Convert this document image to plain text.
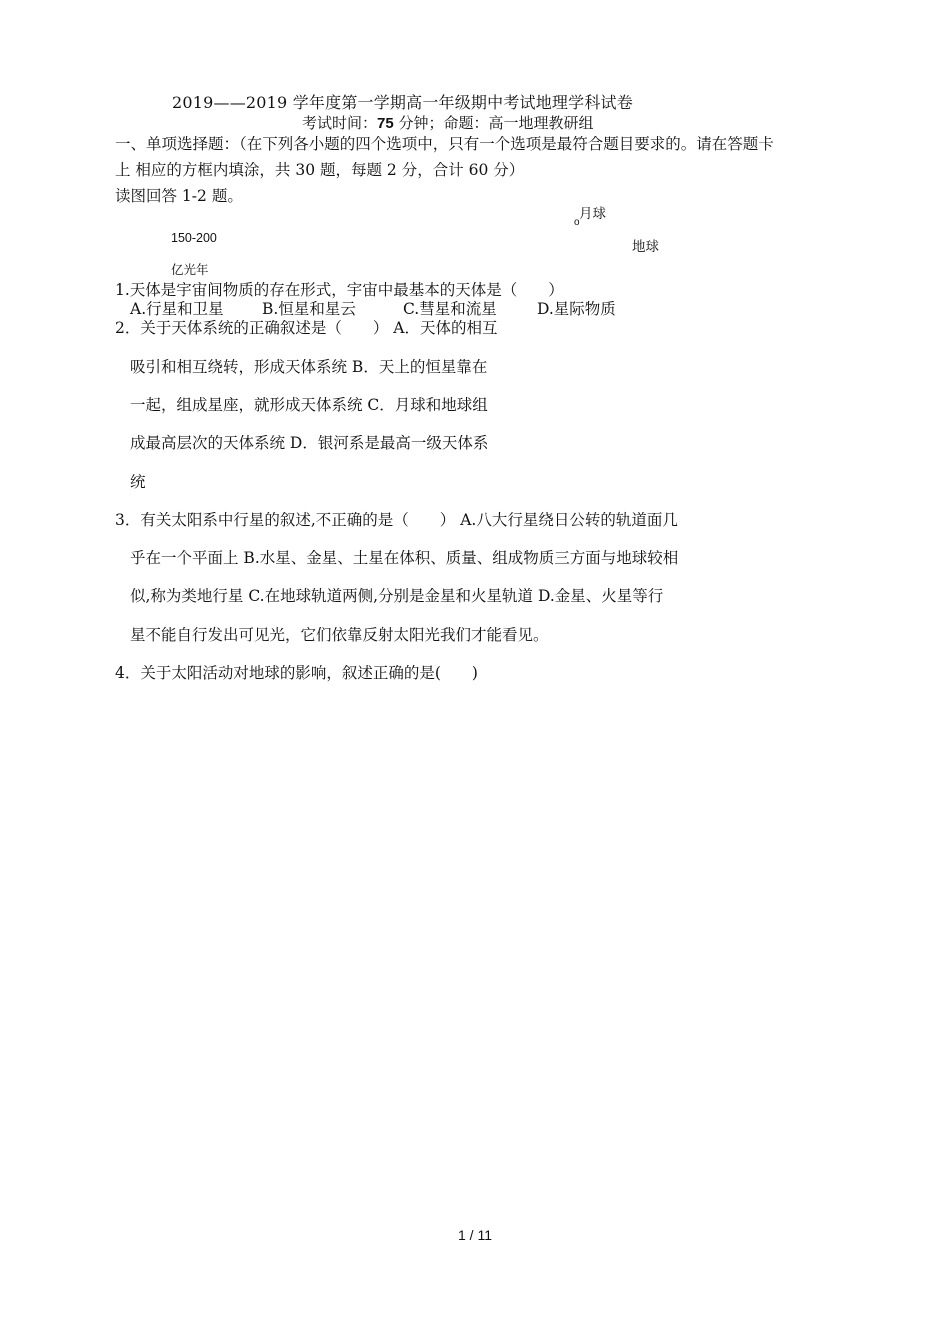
2019——2019 学年度第一学期高一年级期中考试地理学科试卷
考试时间：75 分钟；命题：高一地理教研组
一、单项选择题：（在下列各小题的四个选项中，只有一个选项是最符合题目要求的。请在答题卡
上 相应的方框内填涂，共 30 题，每题 2 分，合计 60 分）
读图回答 1-2 题。
月球
o
150-200
地球
亿光年
1.天体是宇宙间物质的存在形式，宇宙中最基本的天体是（　　）
A.行星和卫星 B.恒星和星云	C.彗星和流星	D.星际物质
2．关于天体系统的正确叙述是（　　） A．天体的相互
吸引和相互绕转，形成天体系统 B．天上的恒星靠在
一起，组成星座，就形成天体系统 C．月球和地球组
成最高层次的天体系统 D．银河系是最高一级天体系
统
3．有关太阳系中行星的叙述,不正确的是（　　） A.八大行星绕日公转的轨道面几
乎在一个平面上 B.水星、金星、土星在体积、质量、组成物质三方面与地球较相
似,称为类地行星 C.在地球轨道两侧,分别是金星和火星轨道 D.金星、火星等行
星不能自行发出可见光，它们依靠反射太阳光我们才能看见。
4．关于太阳活动对地球的影响，叙述正确的是(　　)
1 / 11
